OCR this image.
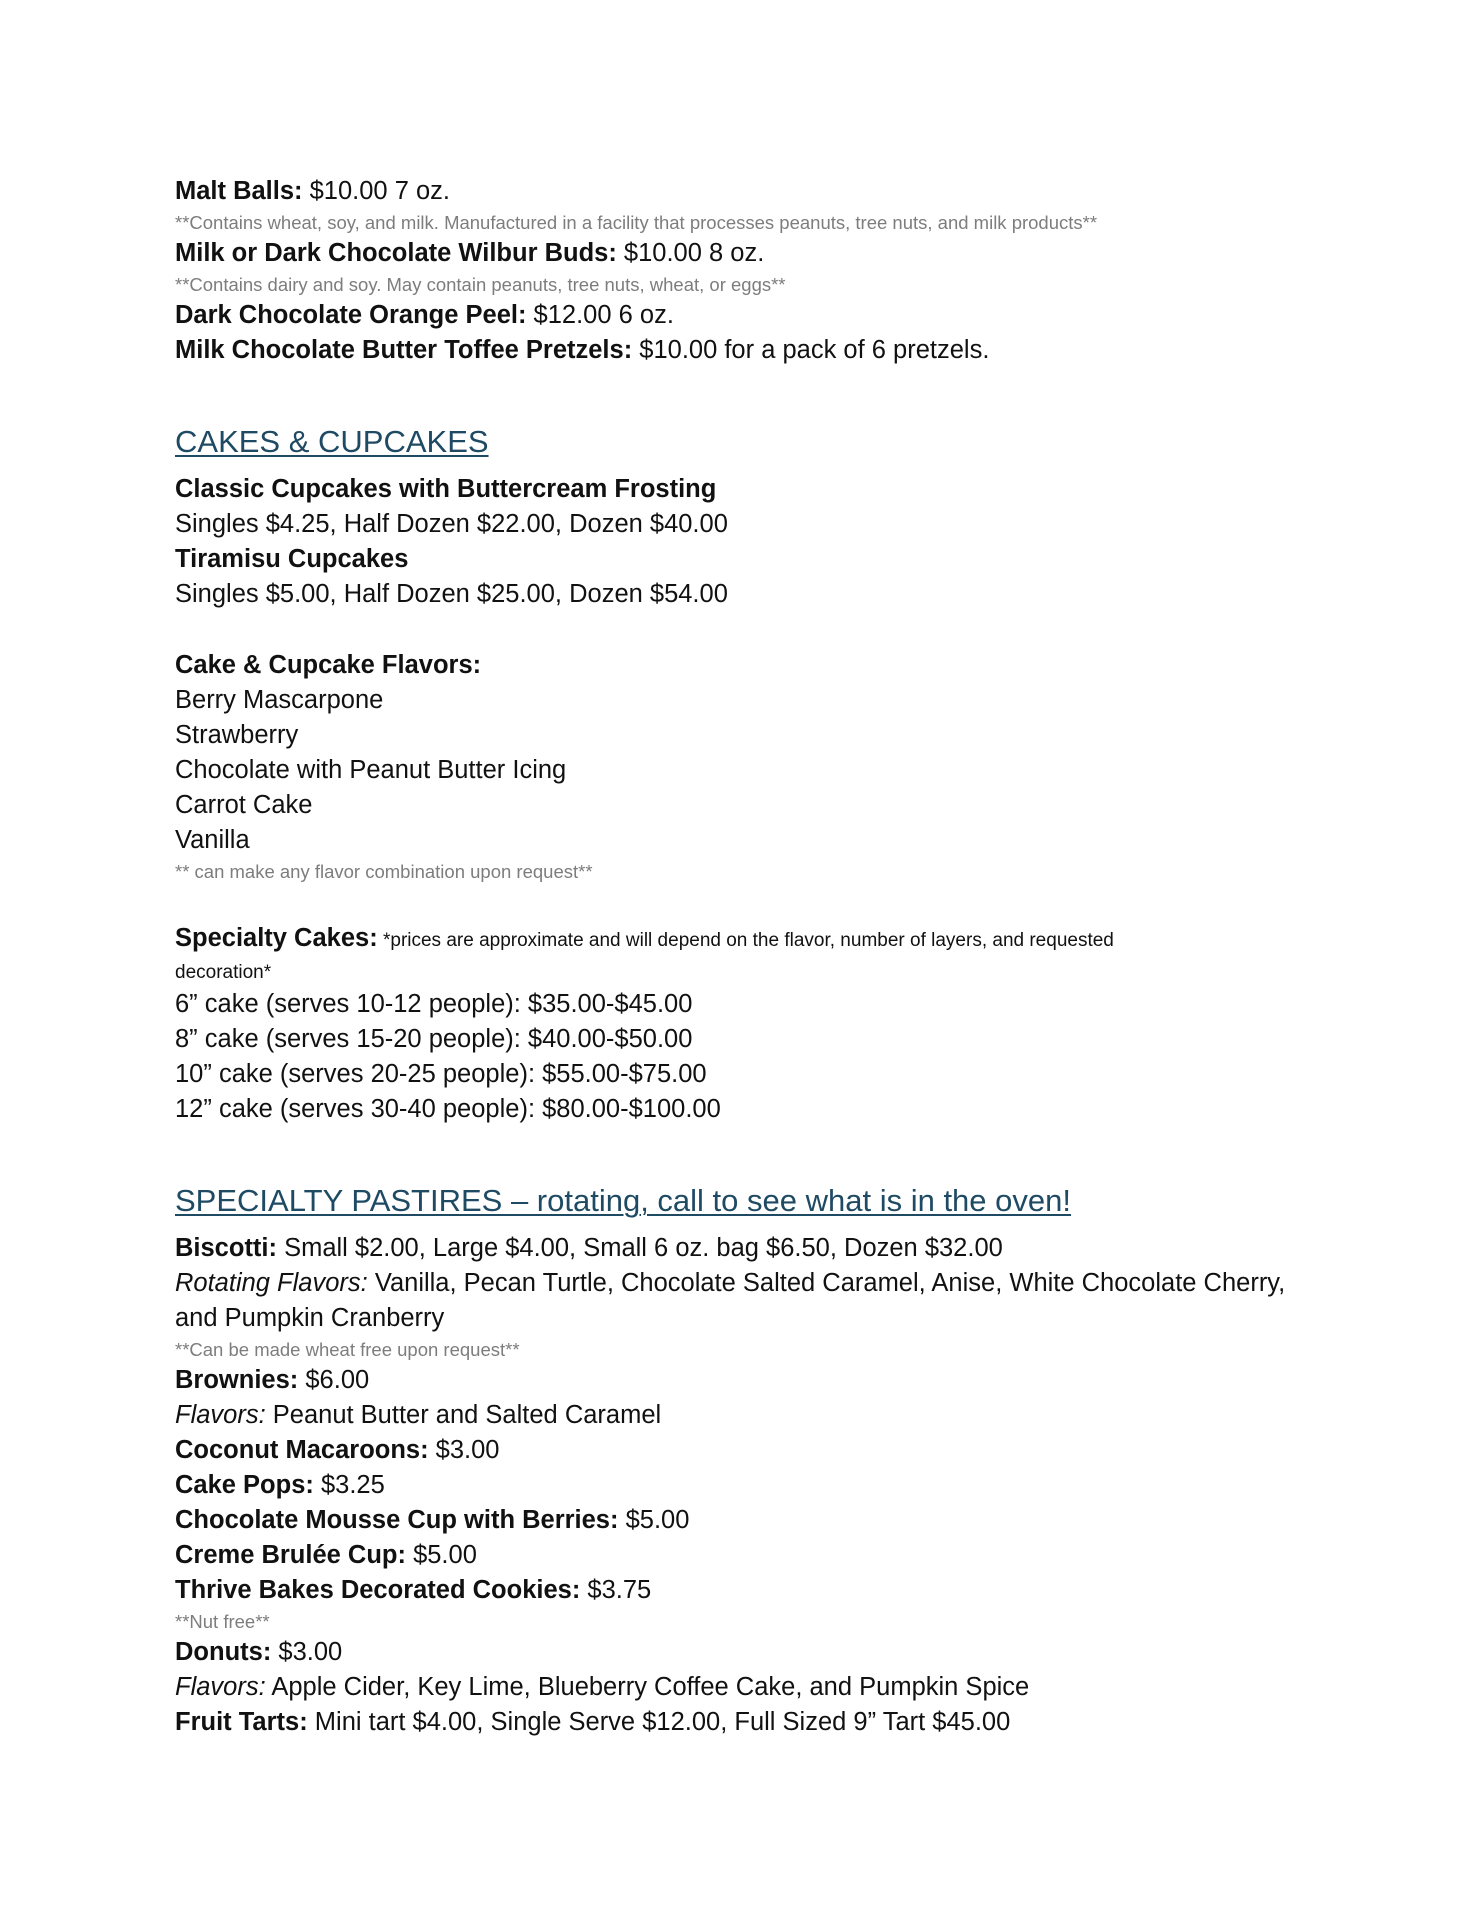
Malt Balls: $10.00 7 oz.
**Contains wheat, soy, and milk. Manufactured in a facility that processes peanuts, tree nuts, and milk products**
Milk or Dark Chocolate Wilbur Buds: $10.00 8 oz.
**Contains dairy and soy. May contain peanuts, tree nuts, wheat, or eggs**
Dark Chocolate Orange Peel: $12.00 6 oz.
Milk Chocolate Butter Toffee Pretzels: $10.00 for a pack of 6 pretzels.
CAKES & CUPCAKES
Classic Cupcakes with Buttercream Frosting
Singles $4.25, Half Dozen $22.00, Dozen $40.00
Tiramisu Cupcakes
Singles $5.00, Half Dozen $25.00, Dozen $54.00
Cake & Cupcake Flavors:
Berry Mascarpone
Strawberry
Chocolate with Peanut Butter Icing
Carrot Cake
Vanilla
** can make any flavor combination upon request**
Specialty Cakes: *prices are approximate and will depend on the flavor, number of layers, and requested
decoration*
6” cake (serves 10-12 people): $35.00-$45.00
8” cake (serves 15-20 people): $40.00-$50.00
10” cake (serves 20-25 people): $55.00-$75.00
12” cake (serves 30-40 people): $80.00-$100.00
SPECIALTY PASTIRES – rotating, call to see what is in the oven!
Biscotti: Small $2.00, Large $4.00, Small 6 oz. bag $6.50, Dozen $32.00
Rotating Flavors: Vanilla, Pecan Turtle, Chocolate Salted Caramel, Anise, White Chocolate Cherry,
and Pumpkin Cranberry
**Can be made wheat free upon request**
Brownies: $6.00
Flavors: Peanut Butter and Salted Caramel
Coconut Macaroons: $3.00
Cake Pops: $3.25
Chocolate Mousse Cup with Berries: $5.00
Creme Brulée Cup: $5.00
Thrive Bakes Decorated Cookies: $3.75
**Nut free**
Donuts: $3.00
Flavors: Apple Cider, Key Lime, Blueberry Coffee Cake, and Pumpkin Spice
Fruit Tarts: Mini tart $4.00, Single Serve $12.00, Full Sized 9” Tart $45.00
